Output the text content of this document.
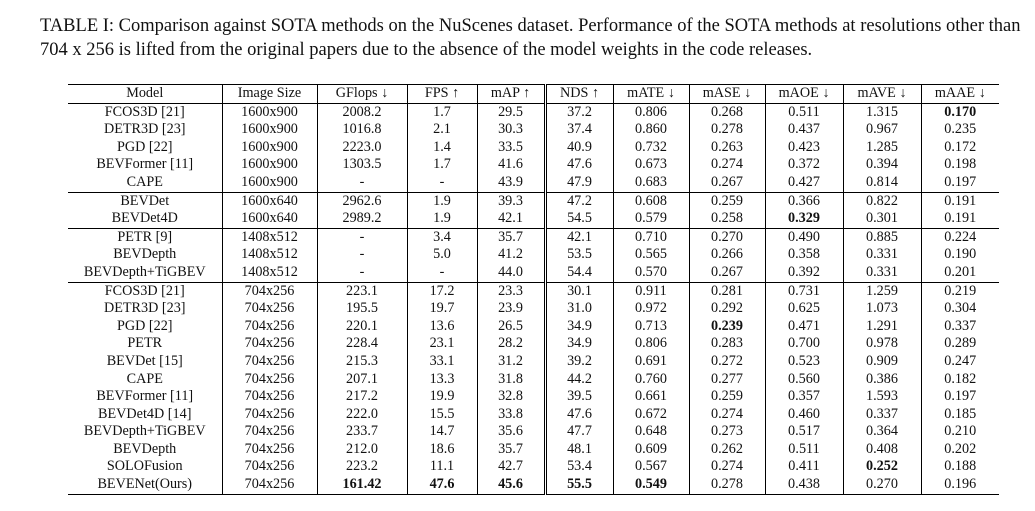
TABLE I: Comparison against SOTA methods on the NuScenes dataset. Performance of the SOTA methods at resolutions other than 704 x 256 is lifted from the original papers due to the absence of the model weights in the code releases.
Model	Image Size	GFlops ↓	FPS ↑	mAP ↑	NDS ↑	mATE ↓	mASE ↓	mAOE ↓	mAVE ↓	mAAE ↓
FCOS3D [21]	1600x900	2008.2	1.7	29.5	37.2	0.806	0.268	0.511	1.315	0.170
DETR3D [23]	1600x900	1016.8	2.1	30.3	37.4	0.860	0.278	0.437	0.967	0.235
PGD [22]	1600x900	2223.0	1.4	33.5	40.9	0.732	0.263	0.423	1.285	0.172
BEVFormer [11]	1600x900	1303.5	1.7	41.6	47.6	0.673	0.274	0.372	0.394	0.198
CAPE	1600x900	-	-	43.9	47.9	0.683	0.267	0.427	0.814	0.197
BEVDet	1600x640	2962.6	1.9	39.3	47.2	0.608	0.259	0.366	0.822	0.191
BEVDet4D	1600x640	2989.2	1.9	42.1	54.5	0.579	0.258	0.329	0.301	0.191
PETR [9]	1408x512	-	3.4	35.7	42.1	0.710	0.270	0.490	0.885	0.224
BEVDepth	1408x512	-	5.0	41.2	53.5	0.565	0.266	0.358	0.331	0.190
BEVDepth+TiGBEV	1408x512	-	-	44.0	54.4	0.570	0.267	0.392	0.331	0.201
FCOS3D [21]	704x256	223.1	17.2	23.3	30.1	0.911	0.281	0.731	1.259	0.219
DETR3D [23]	704x256	195.5	19.7	23.9	31.0	0.972	0.292	0.625	1.073	0.304
PGD [22]	704x256	220.1	13.6	26.5	34.9	0.713	0.239	0.471	1.291	0.337
PETR	704x256	228.4	23.1	28.2	34.9	0.806	0.283	0.700	0.978	0.289
BEVDet [15]	704x256	215.3	33.1	31.2	39.2	0.691	0.272	0.523	0.909	0.247
CAPE	704x256	207.1	13.3	31.8	44.2	0.760	0.277	0.560	0.386	0.182
BEVFormer [11]	704x256	217.2	19.9	32.8	39.5	0.661	0.259	0.357	1.593	0.197
BEVDet4D [14]	704x256	222.0	15.5	33.8	47.6	0.672	0.274	0.460	0.337	0.185
BEVDepth+TiGBEV	704x256	233.7	14.7	35.6	47.7	0.648	0.273	0.517	0.364	0.210
BEVDepth	704x256	212.0	18.6	35.7	48.1	0.609	0.262	0.511	0.408	0.202
SOLOFusion	704x256	223.2	11.1	42.7	53.4	0.567	0.274	0.411	0.252	0.188
BEVENet(Ours)	704x256	161.42	47.6	45.6	55.5	0.549	0.278	0.438	0.270	0.196
